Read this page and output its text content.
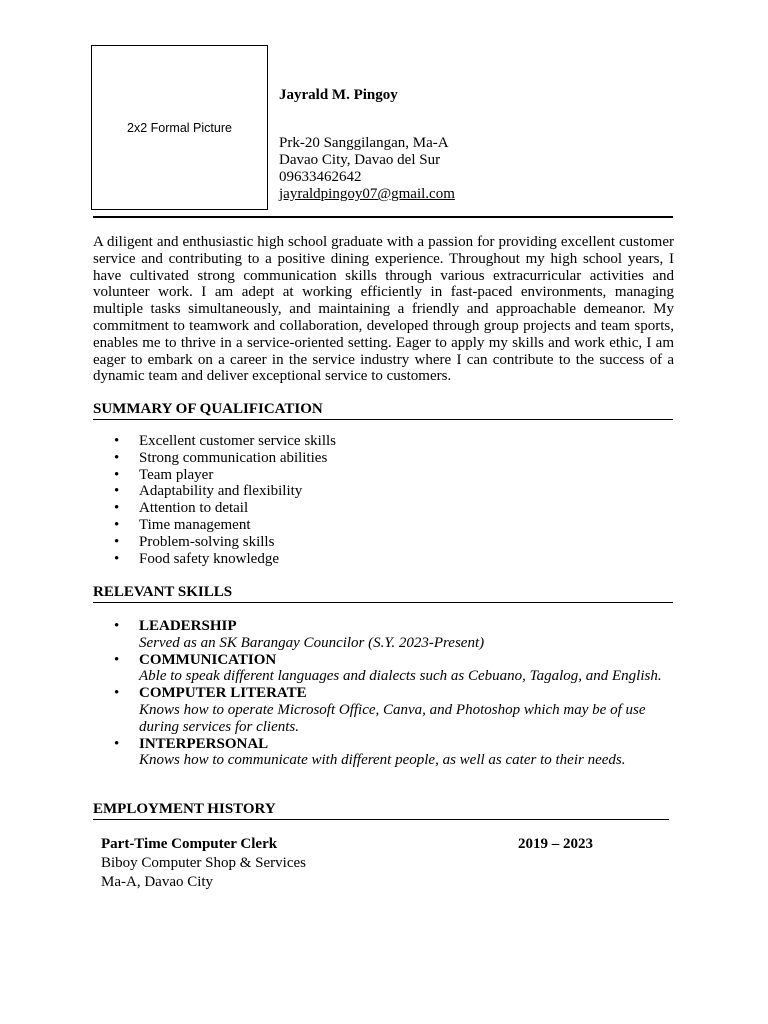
2x2 Formal Picture
Jayrald M. Pingoy
Prk-20 Sanggilangan, Ma-A
Davao City, Davao del Sur
09633462642
jayraldpingoy07@gmail.com

A diligent and enthusiastic high school graduate with a passion for providing excellent customer service and contributing to a positive dining experience. Throughout my high school years, I have cultivated strong communication skills through various extracurricular activities and volunteer work. I am adept at working efficiently in fast-paced environments, managing multiple tasks simultaneously, and maintaining a friendly and approachable demeanor. My commitment to teamwork and collaboration, developed through group projects and team sports, enables me to thrive in a service-oriented setting. Eager to apply my skills and work ethic, I am eager to embark on a career in the service industry where I can contribute to the success of a dynamic team and deliver exceptional service to customers.

SUMMARY OF QUALIFICATION
• Excellent customer service skills
• Strong communication abilities
• Team player
• Adaptability and flexibility
• Attention to detail
• Time management
• Problem-solving skills
• Food safety knowledge
RELEVANT SKILLS
• LEADERSHIP
Served as an SK Barangay Councilor (S.Y. 2023-Present)
• COMMUNICATION
Able to speak different languages and dialects such as Cebuano, Tagalog, and English.
• COMPUTER LITERATE
Knows how to operate Microsoft Office, Canva, and Photoshop which may be of use during services for clients.
• INTERPERSONAL
Knows how to communicate with different people, as well as cater to their needs.
EMPLOYMENT HISTORY
Part-Time Computer Clerk	2019 – 2023
Biboy Computer Shop & Services
Ma-A, Davao City
